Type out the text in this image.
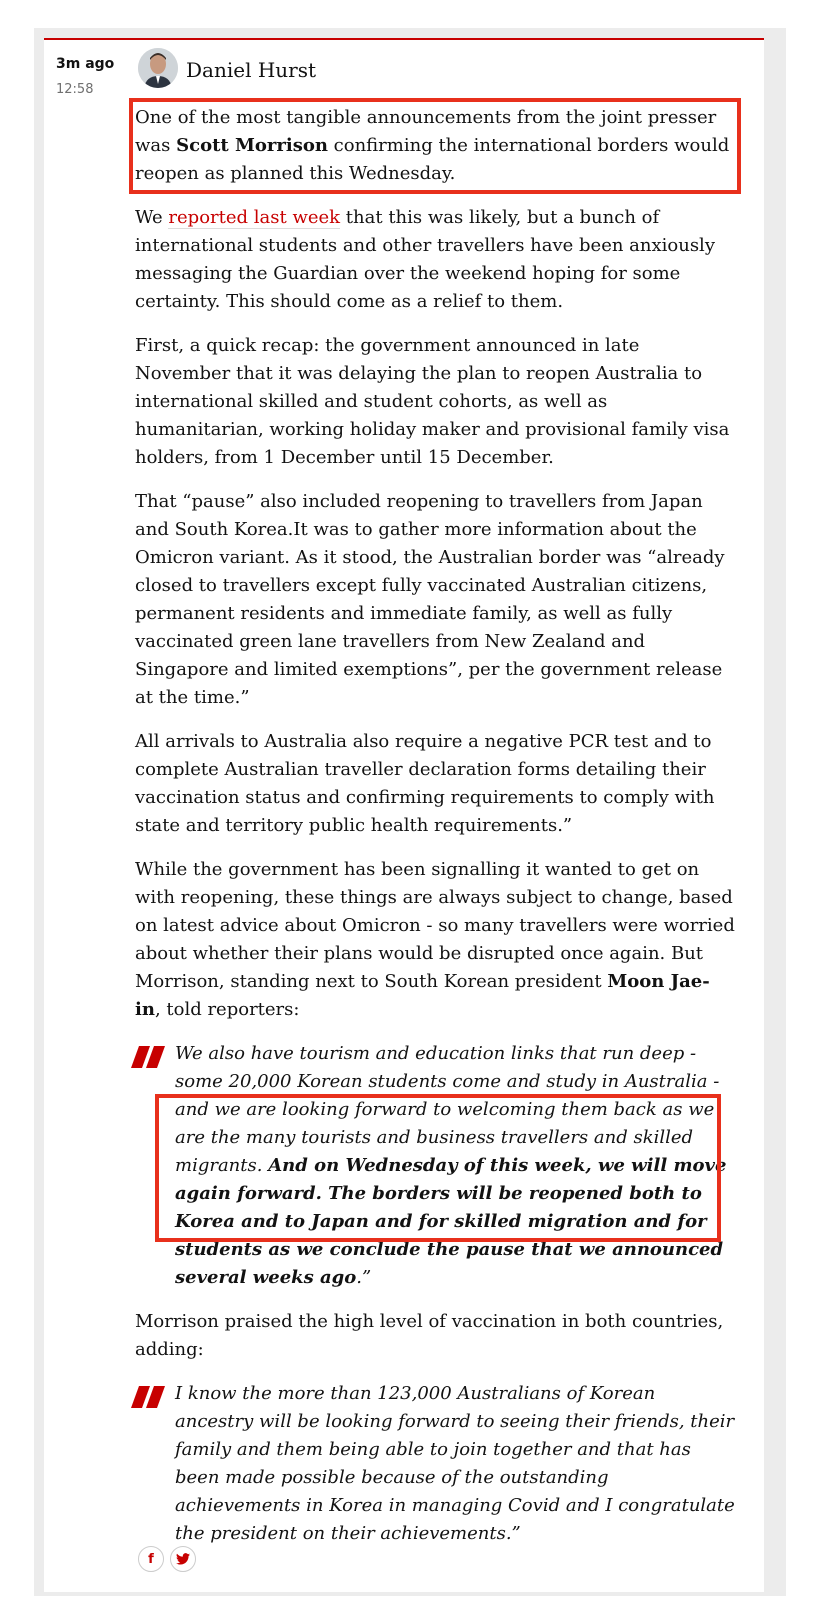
3m ago
12:58
Daniel Hurst

One of the most tangible announcements from the joint presser was Scott Morrison confirming the international borders would reopen as planned this Wednesday.

We reported last week that this was likely, but a bunch of international students and other travellers have been anxiously messaging the Guardian over the weekend hoping for some certainty. This should come as a relief to them.

First, a quick recap: the government announced in late November that it was delaying the plan to reopen Australia to international skilled and student cohorts, as well as humanitarian, working holiday maker and provisional family visa holders, from 1 December until 15 December.

That “pause” also included reopening to travellers from Japan and South Korea.It was to gather more information about the Omicron variant. As it stood, the Australian border was “already closed to travellers except fully vaccinated Australian citizens, permanent residents and immediate family, as well as fully vaccinated green lane travellers from New Zealand and Singapore and limited exemptions”, per the government release at the time.”

All arrivals to Australia also require a negative PCR test and to complete Australian traveller declaration forms detailing their vaccination status and confirming requirements to comply with state and territory public health requirements.”

While the government has been signalling it wanted to get on with reopening, these things are always subject to change, based on latest advice about Omicron - so many travellers were worried about whether their plans would be disrupted once again. But Morrison, standing next to South Korean president Moon Jae-in, told reporters:

We also have tourism and education links that run deep - some 20,000 Korean students come and study in Australia - and we are looking forward to welcoming them back as we are the many tourists and business travellers and skilled migrants. And on Wednesday of this week, we will move again forward. The borders will be reopened both to Korea and to Japan and for skilled migration and for students as we conclude the pause that we announced several weeks ago.”

Morrison praised the high level of vaccination in both countries, adding:

I know the more than 123,000 Australians of Korean ancestry will be looking forward to seeing their friends, their family and them being able to join together and that has been made possible because of the outstanding achievements in Korea in managing Covid and I congratulate the president on their achievements.”
f
